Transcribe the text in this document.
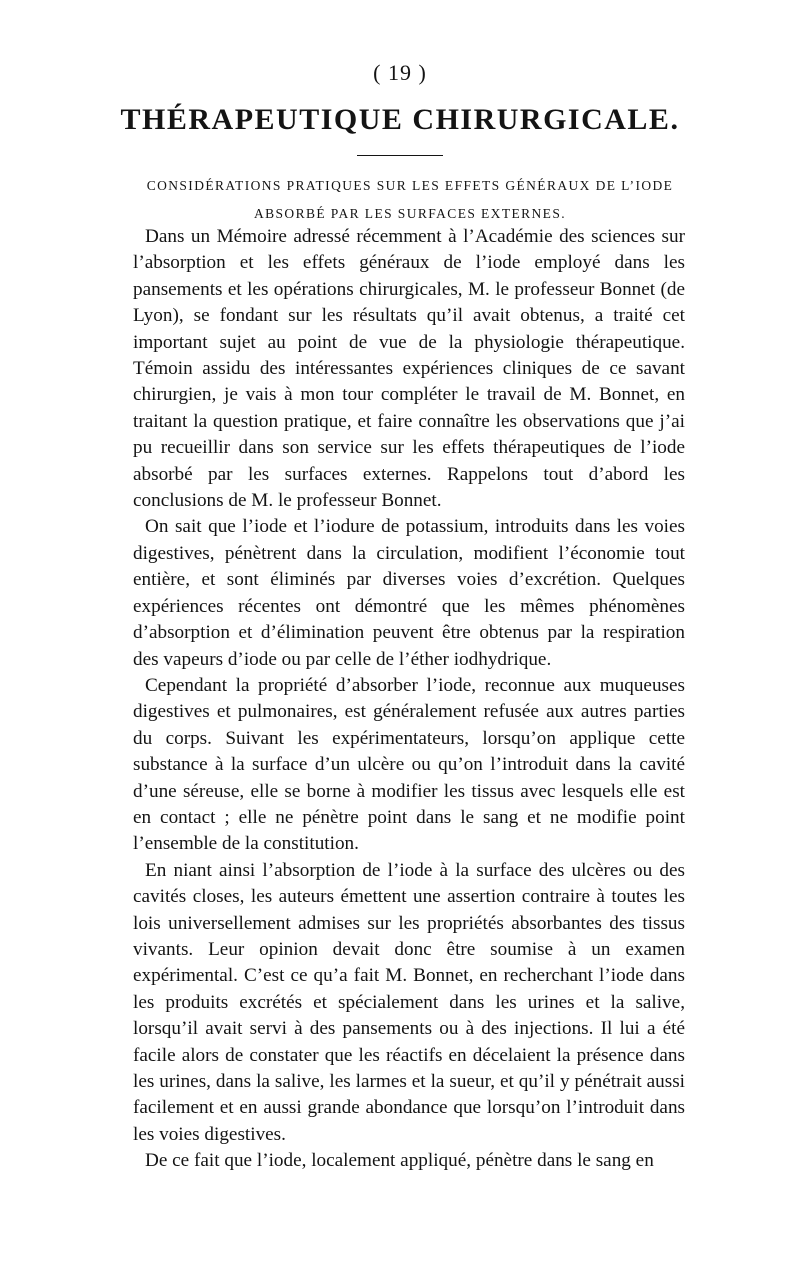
( 19 )
THÉRAPEUTIQUE CHIRURGICALE.
CONSIDÉRATIONS PRATIQUES SUR LES EFFETS GÉNÉRAUX DE L’IODE
ABSORBÉ PAR LES SURFACES EXTERNES.

Dans un Mémoire adressé récemment à l’Académie des sciences sur l’absorption et les effets généraux de l’iode employé dans les pansements et les opérations chirurgicales, M. le professeur Bonnet (de Lyon), se fondant sur les résultats qu’il avait obtenus, a traité cet important sujet au point de vue de la physiologie thérapeutique. Témoin assidu des intéressantes expériences cliniques de ce savant chirurgien, je vais à mon tour compléter le travail de M. Bonnet, en traitant la question pratique, et faire connaître les observations que j’ai pu recueillir dans son service sur les effets thérapeutiques de l’iode absorbé par les surfaces externes. Rappelons tout d’abord les conclusions de M. le professeur Bonnet.

On sait que l’iode et l’iodure de potassium, introduits dans les voies digestives, pénètrent dans la circulation, modifient l’économie tout entière, et sont éliminés par diverses voies d’excrétion. Quelques expériences récentes ont démontré que les mêmes phénomènes d’absorption et d’élimination peuvent être obtenus par la respiration des vapeurs d’iode ou par celle de l’éther iodhydrique.

Cependant la propriété d’absorber l’iode, reconnue aux muqueuses digestives et pulmonaires, est généralement refusée aux autres parties du corps. Suivant les expérimentateurs, lorsqu’on applique cette substance à la surface d’un ulcère ou qu’on l’introduit dans la cavité d’une séreuse, elle se borne à modifier les tissus avec lesquels elle est en contact ; elle ne pénètre point dans le sang et ne modifie point l’ensemble de la constitution.

En niant ainsi l’absorption de l’iode à la surface des ulcères ou des cavités closes, les auteurs émettent une assertion contraire à toutes les lois universellement admises sur les propriétés absorbantes des tissus vivants. Leur opinion devait donc être soumise à un examen expérimental. C’est ce qu’a fait M. Bonnet, en recherchant l’iode dans les produits excrétés et spécialement dans les urines et la salive, lorsqu’il avait servi à des pansements ou à des injections. Il lui a été facile alors de constater que les réactifs en décelaient la présence dans les urines, dans la salive, les larmes et la sueur, et qu’il y pénétrait aussi facilement et en aussi grande abondance que lorsqu’on l’introduit dans les voies digestives.

De ce fait que l’iode, localement appliqué, pénètre dans le sang en
